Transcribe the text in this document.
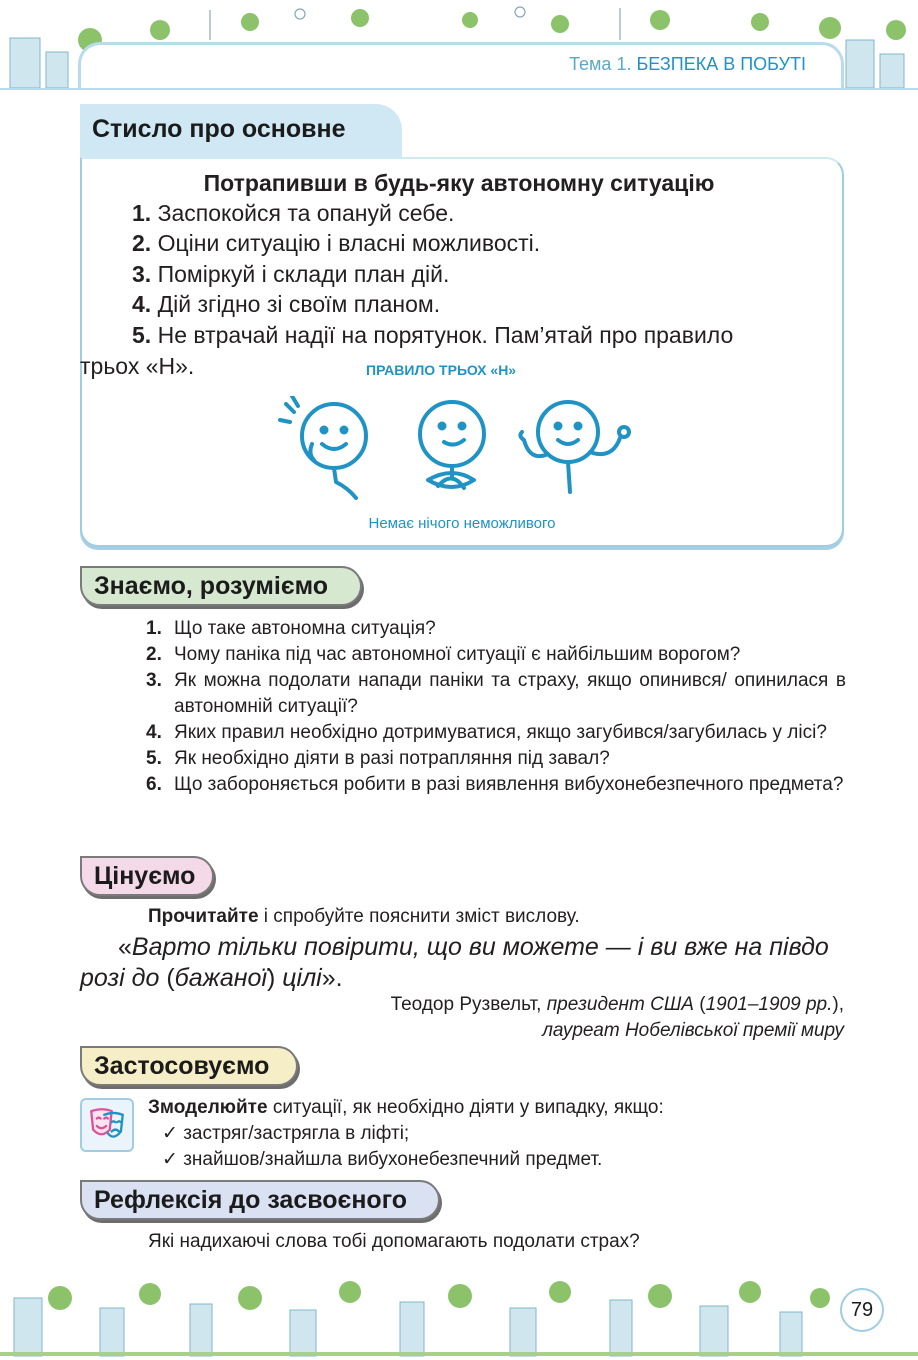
Тема 1. БЕЗПЕКА В ПОБУТІ
Стисло про основне
Потрапивши в будь-яку автономну ситуацію
1. Заспокойся та опануй себе.
2. Оціни ситуацію і власні можливості.
3. Поміркуй і склади план дій.
4. Дій згідно зі своїм планом.
5. Не втрачай надії на порятунок. Пам’ятай про правило
трьох «Н».	ПРАВИЛО ТРЬОХ «Н»
Немає нічого неможливого
Знаємо, розуміємо
1. Що таке автономна ситуація?
2. Чому паніка під час автономної ситуації є найбільшим ворогом?
3. Як можна подолати напади паніки та страху, якщо опинився/ опинилася в автономній ситуації?
4. Яких правил необхідно дотримуватися, якщо загубився/загубилась у лісі?
5. Як необхідно діяти в разі потрапляння під завал?
6. Що забороняється робити в разі виявлення вибухонебезпечного предмета?
Цінуємо
Прочитайте і спробуйте пояснити зміст вислову.
«Варто тільки повірити, що ви можете — і ви вже на півдо
розі до (бажаної) цілі».
Теодор Рузвельт, президент США (1901–1909 рр.),
лауреат Нобелівської премії миру
Застосовуємо
Змоделюйте ситуації, як необхідно діяти у випадку, якщо:
✓ застряг/застрягла в ліфті;
✓ знайшов/знайшла вибухонебезпечний предмет.
Рефлексія до засвоєного
Які надихаючі слова тобі допомагають подолати страх?
79
